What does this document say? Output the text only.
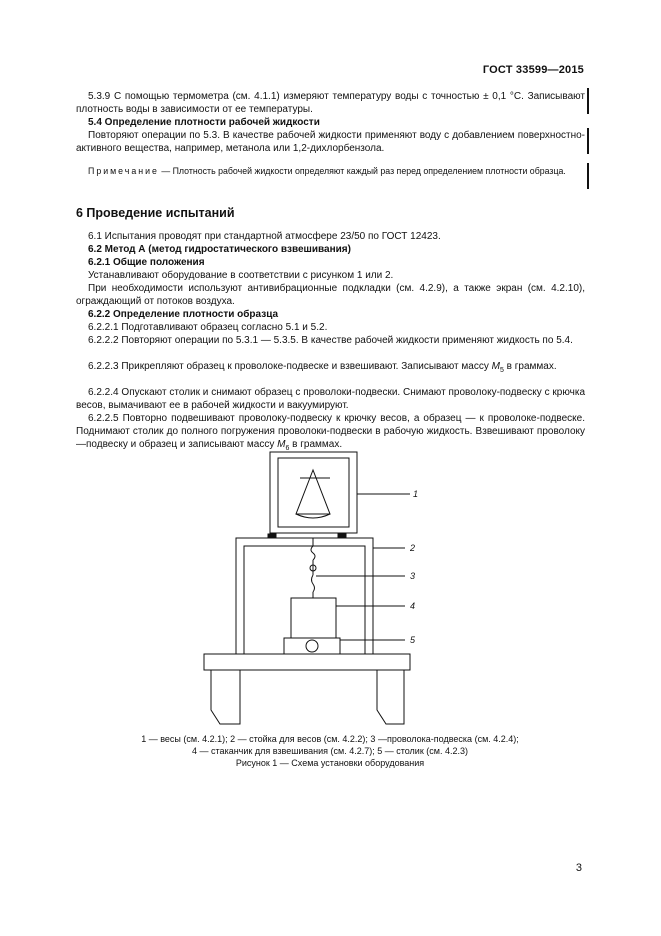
ГОСТ 33599—2015

5.3.9 С помощью термометра (см. 4.1.1) измеряют температуру воды с точностью ± 0,1 °С. Записывают плотность воды в зависимости от ее температуры.

5.4 Определение плотности рабочей жидкости

Повторяют операции по 5.3. В качестве рабочей жидкости применяют воду с добавлением поверхностно-активного вещества, например, метанола или 1,2-дихлорбензола.

Примечание — Плотность рабочей жидкости определяют каждый раз перед определением плотности образца.

6 Проведение испытаний

6.1 Испытания проводят при стандартной атмосфере 23/50 по ГОСТ 12423.

6.2 Метод А (метод гидростатического взвешивания)

6.2.1 Общие положения

Устанавливают оборудование в соответствии с рисунком 1 или 2.

При необходимости используют антивибрационные подкладки (см. 4.2.9), а также экран (см. 4.2.10), ограждающий от потоков воздуха.

6.2.2 Определение плотности образца

6.2.2.1 Подготавливают образец согласно 5.1 и 5.2.

6.2.2.2 Повторяют операции по 5.3.1 — 5.3.5. В качестве рабочей жидкости применяют жидкость по 5.4.

6.2.2.3 Прикрепляют образец к проволоке-подвеске и взвешивают. Записывают массу $M_5$ в граммах.

6.2.2.4 Опускают столик и снимают образец с проволоки-подвески. Снимают проволоку-подвеску с крючка весов, вымачивают ее в рабочей жидкости и вакуумируют.

6.2.2.5 Повторно подвешивают проволоку-подвеску к крючку весов, а образец — к проволоке-подвеске. Поднимают столик до полного погружения проволоки-подвески в рабочую жидкость. Взвешивают проволоку—подвеску и образец и записывают массу $M_6$ в граммах.

1
2
3
4
5
1 — весы (см. 4.2.1); 2 — стойка для весов (см. 4.2.2); 3 —проволока-подвеска (см. 4.2.4);
4 — стаканчик для взвешивания (см. 4.2.7); 5 — столик (см. 4.2.3)
Рисунок 1 — Схема установки оборудования
3
